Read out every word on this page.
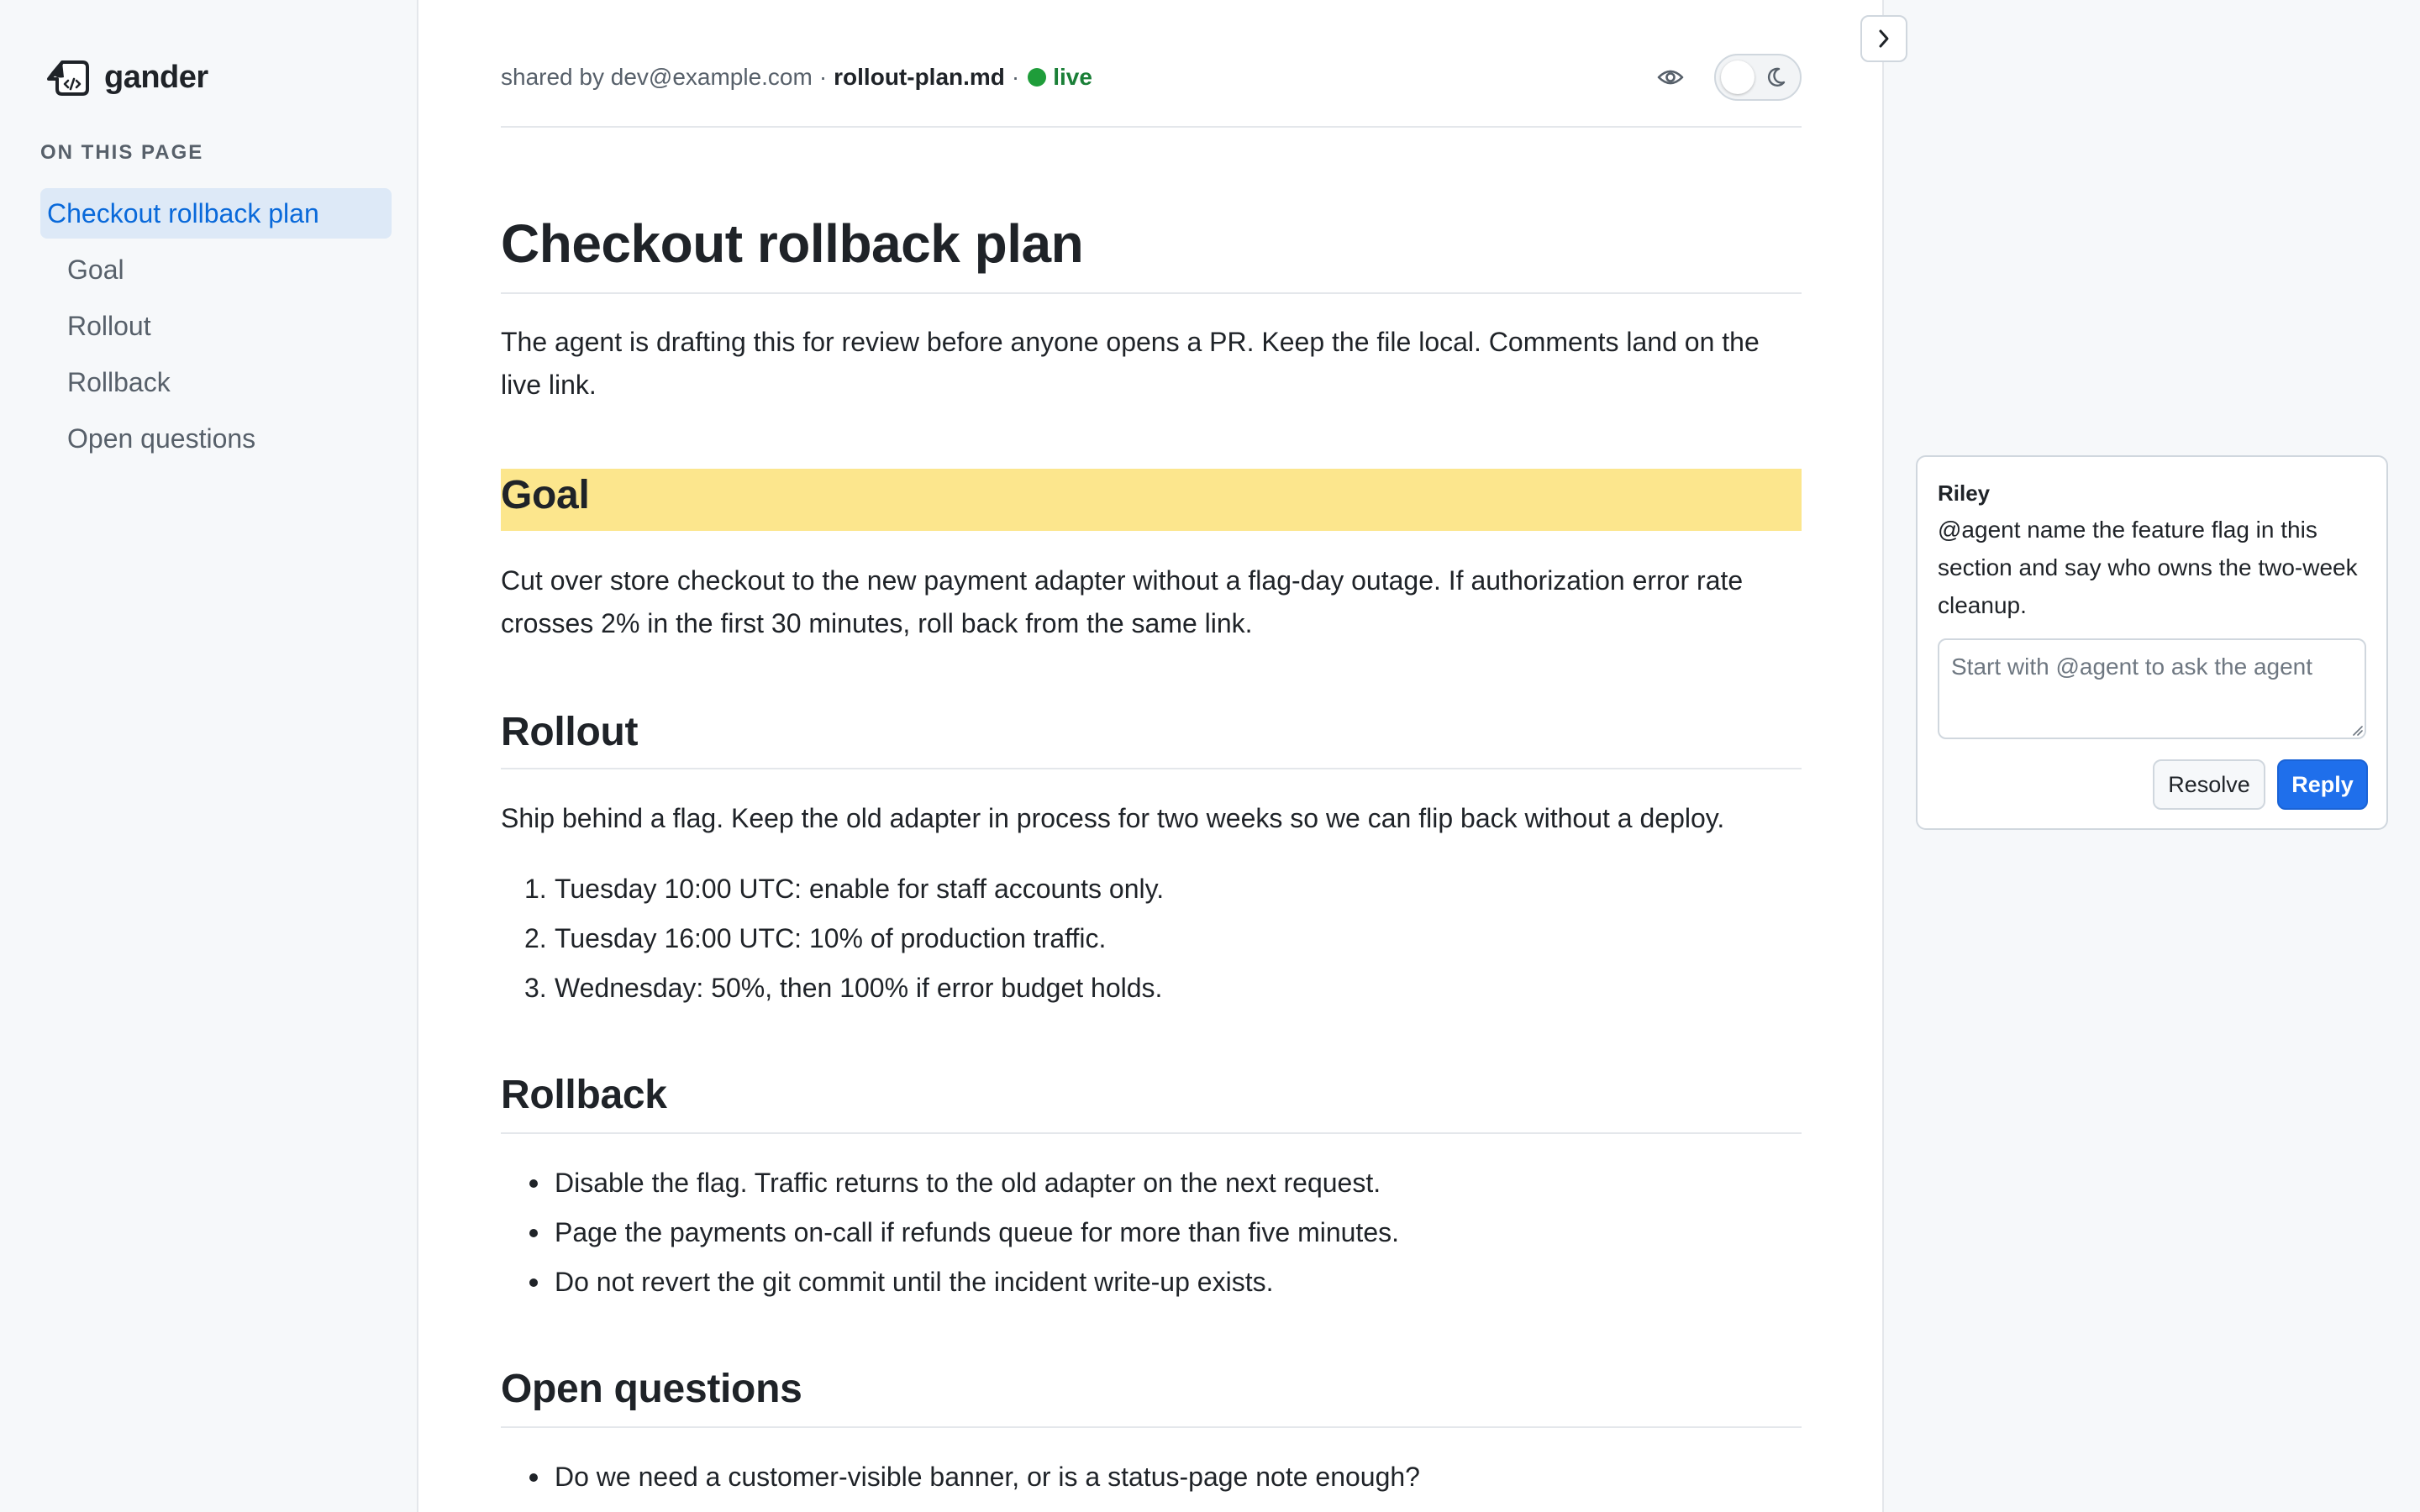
gander
ON THIS PAGE
Checkout rollback plan
Goal
Rollout
Rollback
Open questions
shared by dev@example.com · rollout-plan.md · live
Checkout rollback plan

The agent is drafting this for review before anyone opens a PR. Keep the file local. Comments land on the live link.

Goal

Cut over store checkout to the new payment adapter without a flag-day outage. If authorization error rate crosses 2% in the first 30 minutes, roll back from the same link.

Rollout

Ship behind a flag. Keep the old adapter in process for two weeks so we can flip back without a deploy.

1. Tuesday 10:00 UTC: enable for staff accounts only.
2. Tuesday 16:00 UTC: 10% of production traffic.
3. Wednesday: 50%, then 100% if error budget holds.
Rollback
Disable the flag. Traffic returns to the old adapter on the next request.
Page the payments on-call if refunds queue for more than five minutes.
Do not revert the git commit until the incident write-up exists.
Open questions
Do we need a customer-visible banner, or is a status-page note enough?
Riley
@agent name the feature flag in this section and say who owns the two-week cleanup.
Start with @agent to ask the agent
Resolve	Reply
